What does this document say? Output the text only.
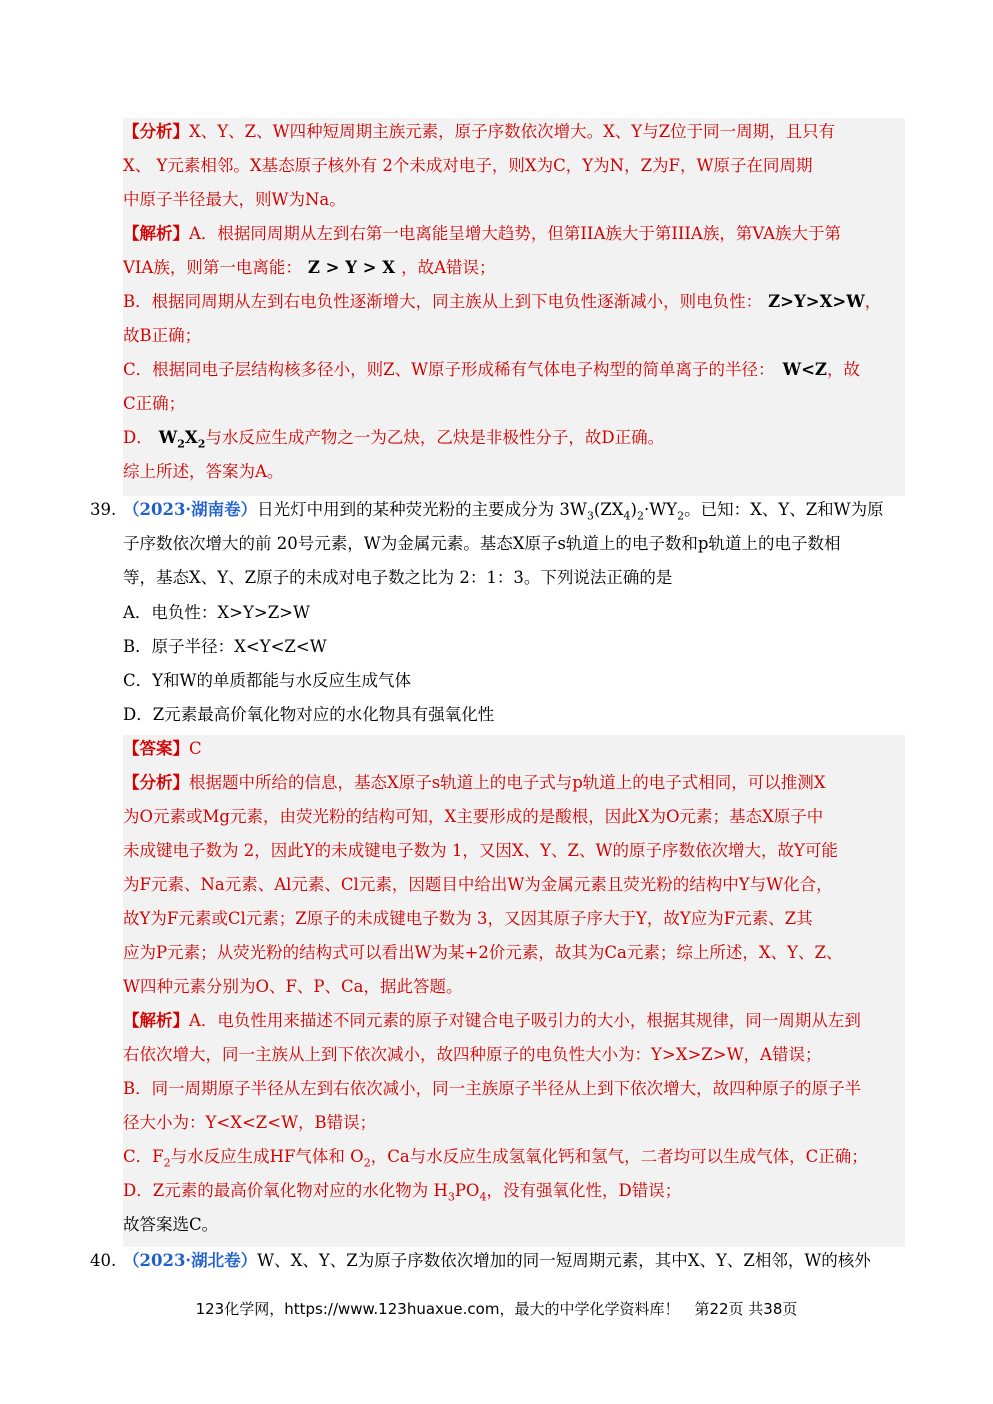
【分析】X、Y、Z、W四种短周期主族元素，原子序数依次增大。X、Y与Z位于同一周期，且只有
X、 Y元素相邻。X基态原子核外有 2个未成对电子，则X为C，Y为N，Z为F，W原子在同周期
中原子半径最大，则W为Na。
【解析】A．根据同周期从左到右第一电离能呈增大趋势，但第IIA族大于第IIIA族，第VA族大于第
VIA族，则第一电离能： Z > Y > X ，故A错误；
B．根据同周期从左到右电负性逐渐增大，同主族从上到下电负性逐渐减小，则电负性： Z>Y>X>W，
故B正确；
C．根据同电子层结构核多径小，则Z、W原子形成稀有气体电子构型的简单离子的半径： W<Z，故
C正确；
D． $W_2X_2$与水反应生成产物之一为乙炔，乙炔是非极性分子，故D正确。
综上所述，答案为A。
39. （2023·湖南卷）日光灯中用到的某种荧光粉的主要成分为 $3W_3(ZX_4)_2\cdot WY_2$。已知：X、Y、Z和W为原
子序数依次增大的前 20号元素，W为金属元素。基态X原子s轨道上的电子数和p轨道上的电子数相
等，基态X、Y、Z原子的未成对电子数之比为 2：1：3。下列说法正确的是
A．电负性：X>Y>Z>W
B．原子半径：X<Y<Z<W
C．Y和W的单质都能与水反应生成气体
D．Z元素最高价氧化物对应的水化物具有强氧化性
【答案】C
【分析】根据题中所给的信息，基态X原子s轨道上的电子式与p轨道上的电子式相同，可以推测X
为O元素或Mg元素，由荧光粉的结构可知，X主要形成的是酸根，因此X为O元素；基态X原子中
未成键电子数为 2，因此Y的未成键电子数为 1，又因X、Y、Z、W的原子序数依次增大，故Y可能
为F元素、Na元素、Al元素、Cl元素，因题目中给出W为金属元素且荧光粉的结构中Y与W化合，
故Y为F元素或Cl元素；Z原子的未成键电子数为 3，又因其原子序大于Y，故Y应为F元素、Z其
应为P元素；从荧光粉的结构式可以看出W为某+2价元素，故其为Ca元素；综上所述，X、Y、Z、
W四种元素分别为O、F、P、Ca，据此答题。
【解析】A．电负性用来描述不同元素的原子对键合电子吸引力的大小，根据其规律，同一周期从左到
右依次增大，同一主族从上到下依次减小，故四种原子的电负性大小为：Y>X>Z>W，A错误；
B．同一周期原子半径从左到右依次减小，同一主族原子半径从上到下依次增大，故四种原子的原子半
径大小为：Y<X<Z<W，B错误；
C．$F_2$与水反应生成HF气体和 $O_2$，Ca与水反应生成氢氧化钙和氢气，二者均可以生成气体，C正确；
D．Z元素的最高价氧化物对应的水化物为 $H_3PO_4$，没有强氧化性，D错误；
故答案选C。
40. （2023·湖北卷）W、X、Y、Z为原子序数依次增加的同一短周期元素，其中X、Y、Z相邻，W的核外
123化学网，https://www.123huaxue.com，最大的中学化学资料库！　第22页 共38页
